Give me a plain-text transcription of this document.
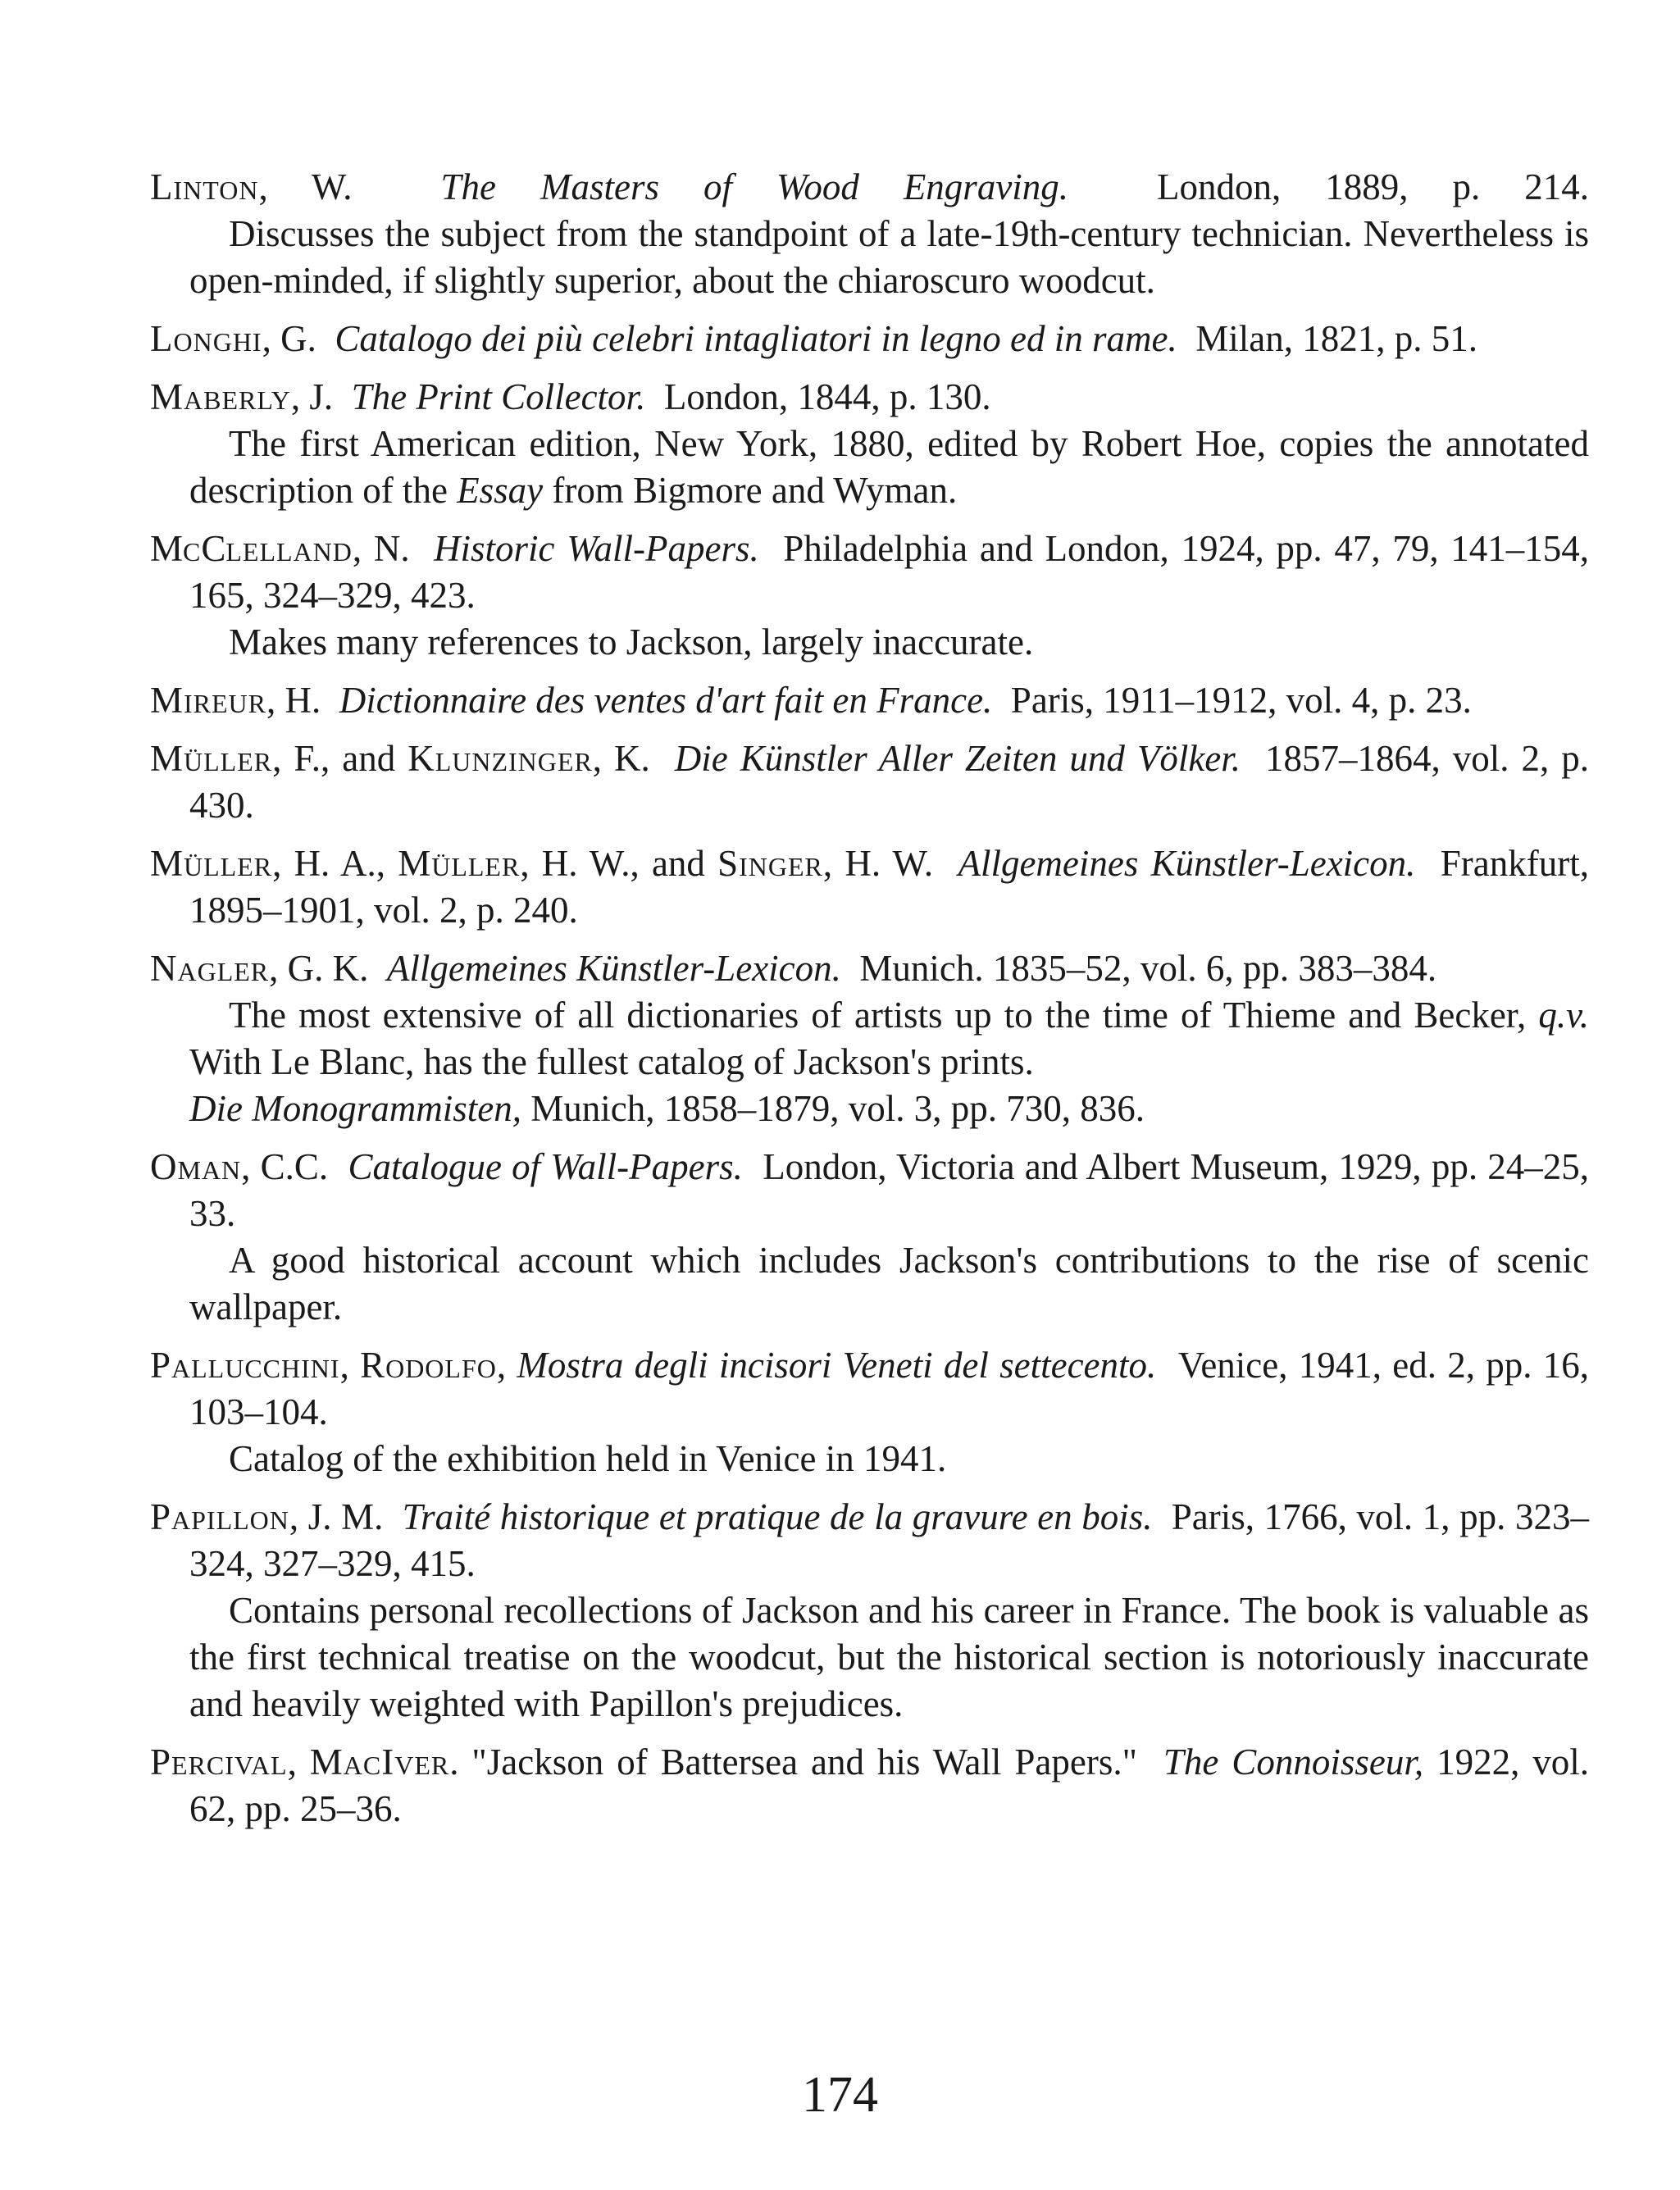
Linton, W. The Masters of Wood Engraving. London, 1889, p. 214.
Discusses the subject from the standpoint of a late-19th-century technician. Nevertheless is open-minded, if slightly superior, about the chiaroscuro woodcut.
Longhi, G. Catalogo dei più celebri intagliatori in legno ed in rame. Milan, 1821, p. 51.
Maberly, J. The Print Collector. London, 1844, p. 130.
The first American edition, New York, 1880, edited by Robert Hoe, copies the annotated description of the Essay from Bigmore and Wyman.
McClelland, N. Historic Wall-Papers. Philadelphia and London, 1924, pp. 47, 79, 141–154, 165, 324–329, 423.
Makes many references to Jackson, largely inaccurate.
Mireur, H. Dictionnaire des ventes d'art fait en France. Paris, 1911–1912, vol. 4, p. 23.
Müller, F., and Klunzinger, K. Die Künstler Aller Zeiten und Völker. 1857–1864, vol. 2, p. 430.
Müller, H. A., Müller, H. W., and Singer, H. W. Allgemeines Künstler-Lexicon. Frankfurt, 1895–1901, vol. 2, p. 240.
Nagler, G. K. Allgemeines Künstler-Lexicon. Munich. 1835–52, vol. 6, pp. 383–384.
The most extensive of all dictionaries of artists up to the time of Thieme and Becker, q.v. With Le Blanc, has the fullest catalog of Jackson's prints.
Die Monogrammisten, Munich, 1858–1879, vol. 3, pp. 730, 836.
Oman, C.C. Catalogue of Wall-Papers. London, Victoria and Albert Museum, 1929, pp. 24–25, 33.
A good historical account which includes Jackson's contributions to the rise of scenic wallpaper.
Pallucchini, Rodolfo, Mostra degli incisori Veneti del settecento. Venice, 1941, ed. 2, pp. 16, 103–104.
Catalog of the exhibition held in Venice in 1941.
Papillon, J. M. Traité historique et pratique de la gravure en bois. Paris, 1766, vol. 1, pp. 323–324, 327–329, 415.
Contains personal recollections of Jackson and his career in France. The book is valuable as the first technical treatise on the woodcut, but the historical section is notoriously inaccurate and heavily weighted with Papillon's prejudices.
Percival, MacIver. "Jackson of Battersea and his Wall Papers." The Connoisseur, 1922, vol. 62, pp. 25–36.
174
